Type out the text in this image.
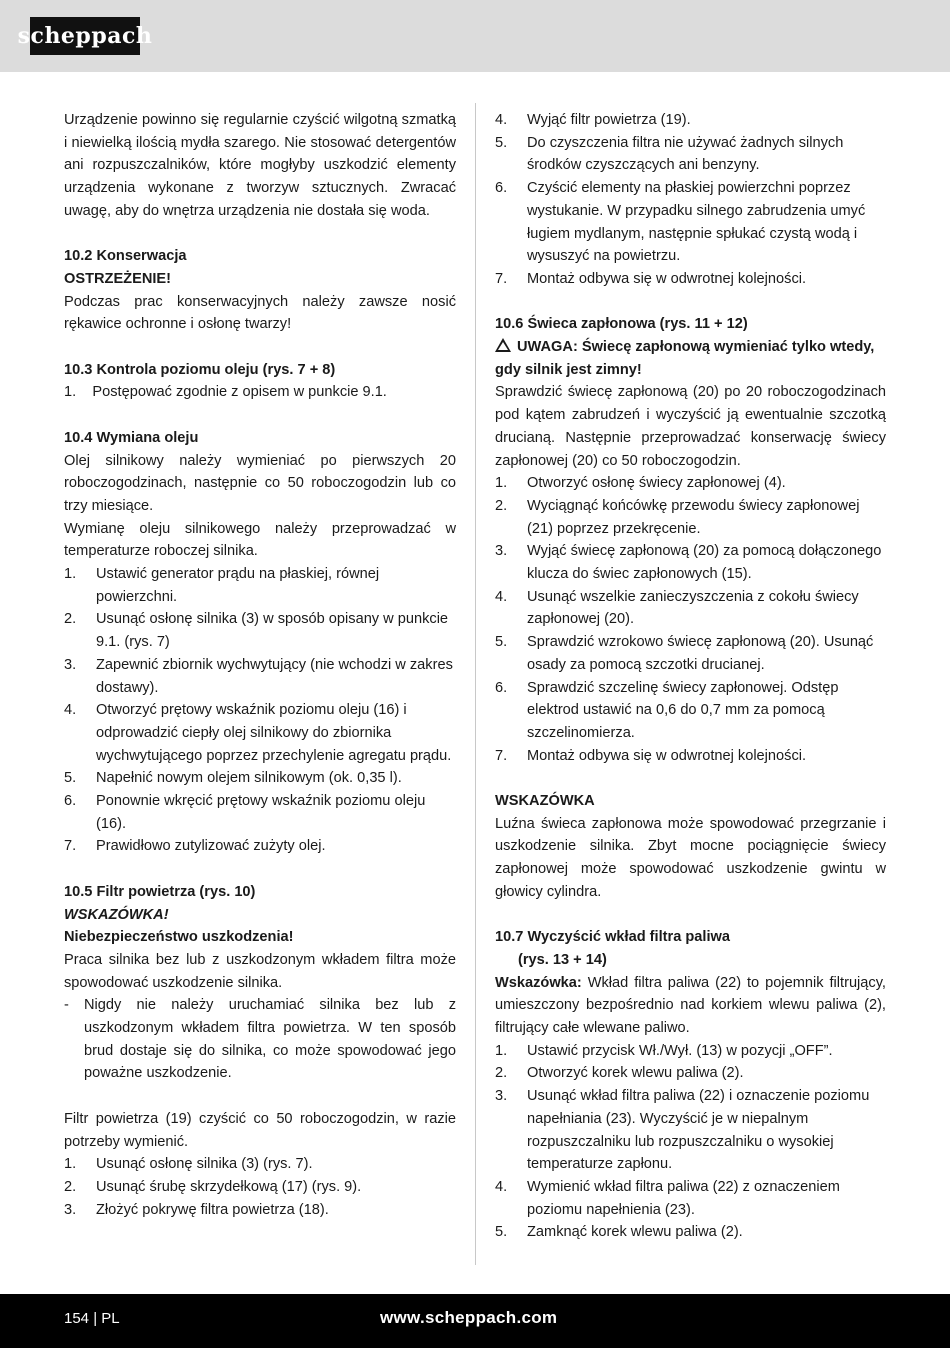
scheppach

Urządzenie powinno się regularnie czyścić wilgotną szmatką i niewielką ilością mydła szarego. Nie stosować detergentów ani rozpuszczalników, które mogłyby uszkodzić elementy urządzenia wykonane z tworzyw sztucznych. Zwracać uwagę, aby do wnętrza urządzenia nie dostała się woda.

10.2 Konserwacja

OSTRZEŻENIE!

Podczas prac konserwacyjnych należy zawsze nosić rękawice ochronne i osłonę twarzy!

10.3 Kontrola poziomu oleju (rys. 7 + 8)

1.    Postępować zgodnie z opisem w punkcie 9.1.

10.4 Wymiana oleju

Olej silnikowy należy wymieniać po pierwszych 20 roboczogodzinach, następnie co 50 roboczogodzin lub co trzy miesiące.

Wymianę oleju silnikowego należy przeprowadzać w temperaturze roboczej silnika.

1.	Ustawić generator prądu na płaskiej, równej powierzchni.
2.	Usunąć osłonę silnika (3) w sposób opisany w punkcie 9.1. (rys. 7)
3.	Zapewnić zbiornik wychwytujący (nie wchodzi w zakres dostawy).
4.	Otworzyć prętowy wskaźnik poziomu oleju (16) i odprowadzić ciepły olej silnikowy do zbiornika wychwytującego poprzez przechylenie agregatu prądu.
5.	Napełnić nowym olejem silnikowym (ok. 0,35 l).
6.	Ponownie wkręcić prętowy wskaźnik poziomu oleju (16).
7.	Prawidłowo zutylizować zużyty olej.

10.5 Filtr powietrza (rys. 10)

WSKAZÓWKA!

Niebezpieczeństwo uszkodzenia!

Praca silnika bez lub z uszkodzonym wkładem filtra może spowodować uszkodzenie silnika.

-	Nigdy nie należy uruchamiać silnika bez lub z uszkodzonym wkładem filtra powietrza. W ten sposób brud dostaje się do silnika, co może spowodować jego poważne uszkodzenie.

Filtr powietrza (19) czyścić co 50 roboczogodzin, w razie potrzeby wymienić.

1.	Usunąć osłonę silnika (3) (rys. 7).
2.	Usunąć śrubę skrzydełkową (17) (rys. 9).
3.	Złożyć pokrywę filtra powietrza (18).
4.	Wyjąć filtr powietrza (19).
5.	Do czyszczenia filtra nie używać żadnych silnych środków czyszczących ani benzyny.
6.	Czyścić elementy na płaskiej powierzchni poprzez wystukanie. W przypadku silnego zabrudzenia umyć ługiem mydlanym, następnie spłukać czystą wodą i wysuszyć na powietrzu.
7.	Montaż odbywa się w odwrotnej kolejności.

10.6 Świeca zapłonowa (rys. 11 + 12)

UWAGA: Świecę zapłonową wymieniać tylko wtedy, gdy silnik jest zimny!

Sprawdzić świecę zapłonową (20) po 20 roboczogodzinach pod kątem zabrudzeń i wyczyścić ją ewentualnie szczotką drucianą. Następnie przeprowadzać konserwację świecy zapłonowej (20) co 50 roboczogodzin.

1.	Otworzyć osłonę świecy zapłonowej (4).
2.	Wyciągnąć końcówkę przewodu świecy zapłonowej (21) poprzez przekręcenie.
3.	Wyjąć świecę zapłonową (20) za pomocą dołączonego klucza do świec zapłonowych (15).
4.	Usunąć wszelkie zanieczyszczenia z cokołu świecy zapłonowej (20).
5.	Sprawdzić wzrokowo świecę zapłonową (20). Usunąć osady za pomocą szczotki drucianej.
6.	Sprawdzić szczelinę świecy zapłonowej. Odstęp elektrod ustawić na 0,6 do 0,7 mm za pomocą szczelinomierza.
7.	Montaż odbywa się w odwrotnej kolejności.

WSKAZÓWKA

Luźna świeca zapłonowa może spowodować przegrzanie i uszkodzenie silnika. Zbyt mocne pociągnięcie świecy zapłonowej może spowodować uszkodzenie gwintu w głowicy cylindra.

10.7 Wyczyścić wkład filtra paliwa

(rys. 13 + 14)

Wskazówka: Wkład filtra paliwa (22) to pojemnik filtrujący, umieszczony bezpośrednio nad korkiem wlewu paliwa (2), filtrujący całe wlewane paliwo.

1.	Ustawić przycisk Wł./Wył. (13) w pozycji „OFF”.
2.	Otworzyć korek wlewu paliwa (2).
3.	Usunąć wkład filtra paliwa (22) i oznaczenie poziomu napełniania (23). Wyczyścić je w niepalnym rozpuszczalniku lub rozpuszczalniku o wysokiej temperaturze zapłonu.
4.	Wymienić wkład filtra paliwa (22) z oznaczeniem poziomu napełnienia (23).
5.	Zamknąć korek wlewu paliwa (2).
154 | PL	www.scheppach.com
